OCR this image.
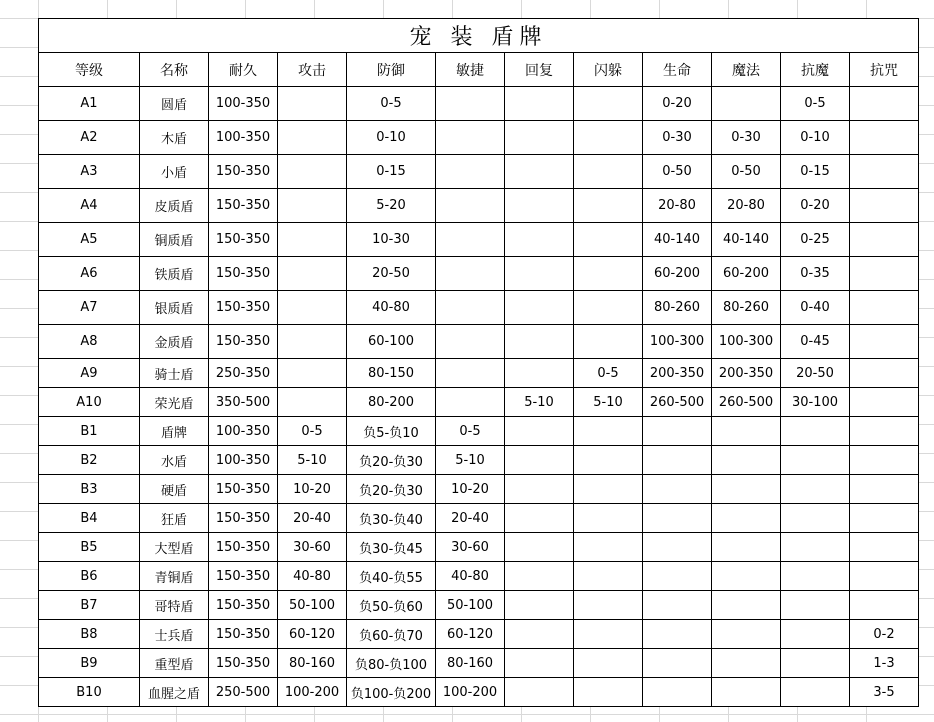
宠 装 盾牌											
等级	名称	耐久	攻击	防御	敏捷	回复	闪躲	生命	魔法	抗魔	抗咒
A1	圆盾	100-350		0-5				0-20		0-5	
A2	木盾	100-350		0-10				0-30	0-30	0-10	
A3	小盾	150-350		0-15				0-50	0-50	0-15	
A4	皮质盾	150-350		5-20				20-80	20-80	0-20	
A5	铜质盾	150-350		10-30				40-140	40-140	0-25	
A6	铁质盾	150-350		20-50				60-200	60-200	0-35	
A7	银质盾	150-350		40-80				80-260	80-260	0-40	
A8	金质盾	150-350		60-100				100-300	100-300	0-45	
A9	骑士盾	250-350		80-150			0-5	200-350	200-350	20-50	
A10	荣光盾	350-500		80-200		5-10	5-10	260-500	260-500	30-100	
B1	盾牌	100-350	0-5	负5-负10	0-5						
B2	水盾	100-350	5-10	负20-负30	5-10						
B3	硬盾	150-350	10-20	负20-负30	10-20						
B4	狂盾	150-350	20-40	负30-负40	20-40						
B5	大型盾	150-350	30-60	负30-负45	30-60						
B6	青铜盾	150-350	40-80	负40-负55	40-80						
B7	哥特盾	150-350	50-100	负50-负60	50-100						
B8	士兵盾	150-350	60-120	负60-负70	60-120						0-2
B9	重型盾	150-350	80-160	负80-负100	80-160						1-3
B10	血腥之盾	250-500	100-200	负100-负200	100-200						3-5
